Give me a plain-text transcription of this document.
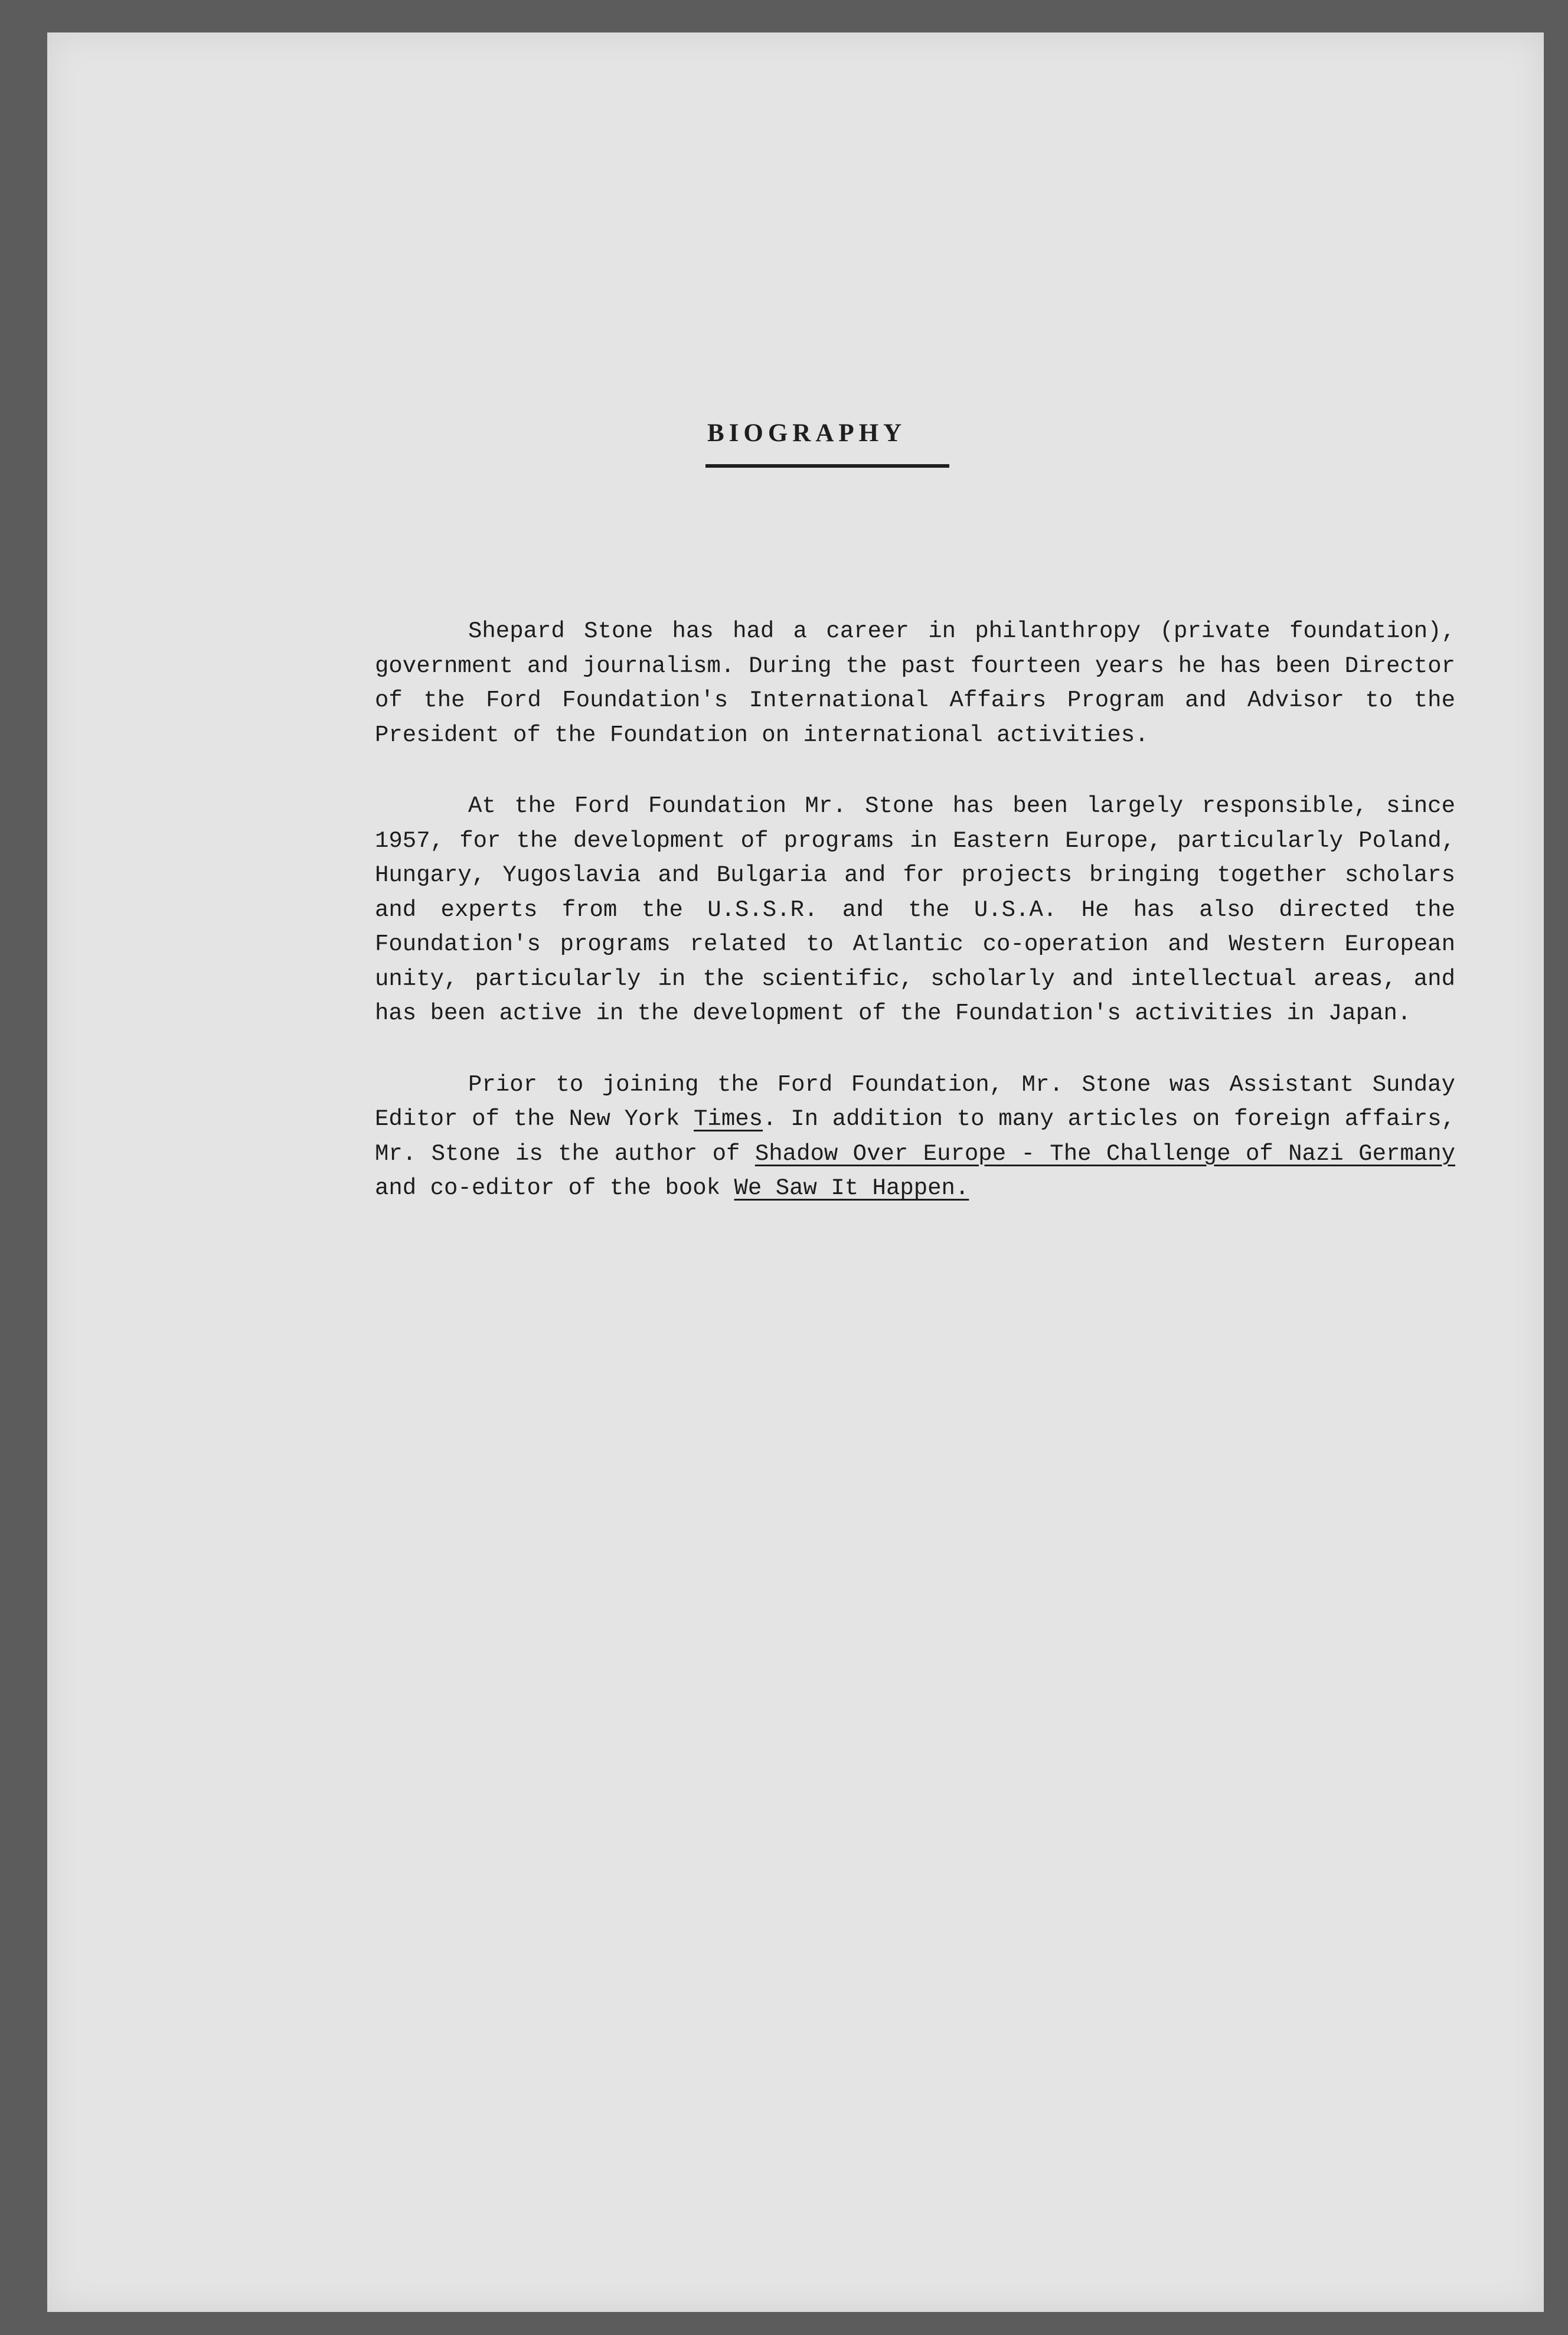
BIOGRAPHY

Shepard Stone has had a career in philanthropy (private foundation), government and journalism. During the past fourteen years he has been Director of the Ford Foundation's International Affairs Program and Advisor to the President of the Foundation on international activities.

At the Ford Foundation Mr. Stone has been largely responsible, since 1957, for the development of programs in Eastern Europe, particularly Poland, Hungary, Yugoslavia and Bulgaria and for projects bringing together scholars and experts from the U.S.S.R. and the U.S.A. He has also directed the Foundation's programs related to Atlantic co-operation and Western European unity, particularly in the scientific, scholarly and intellectual areas, and has been active in the development of the Foundation's activities in Japan.

Prior to joining the Ford Foundation, Mr. Stone was Assistant Sunday Editor of the New York Times. In addition to many articles on foreign affairs, Mr. Stone is the author of Shadow Over Europe - The Challenge of Nazi Germany and co-editor of the book We Saw It Happen.
